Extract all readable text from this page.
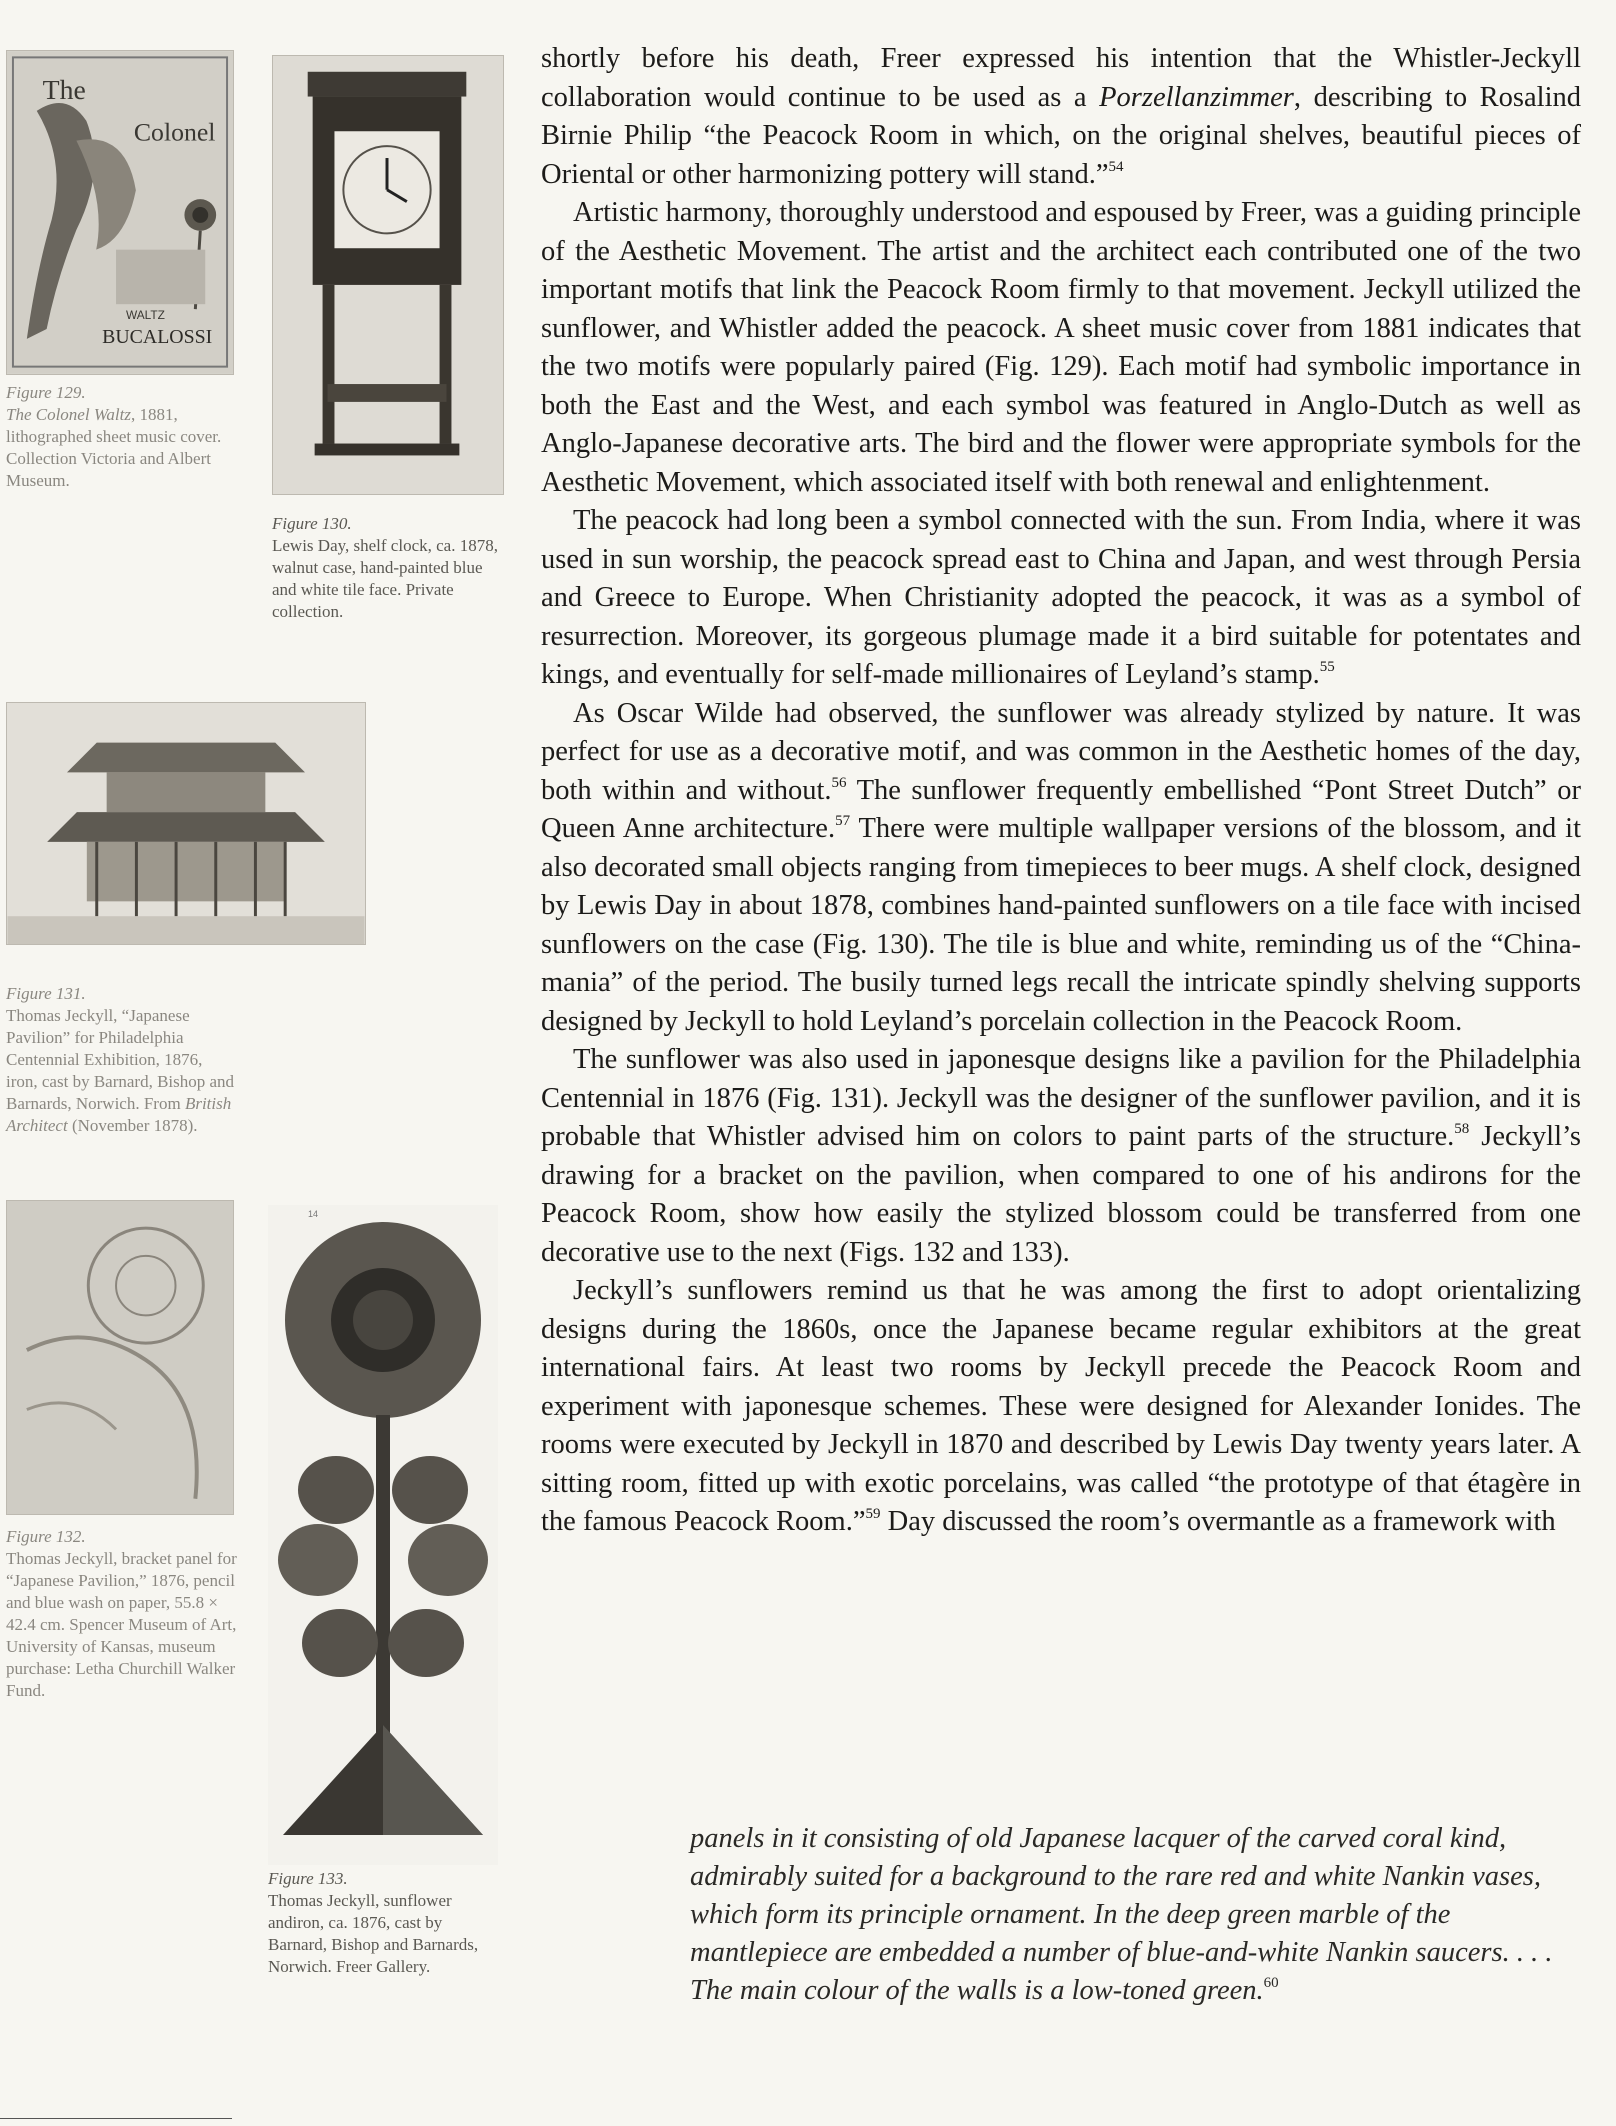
The
Colonel
WALTZ
BUCALOSSI
Figure 129.
The Colonel Waltz, 1881, lithographed sheet music cover. Collection Victoria and Albert Museum.
Figure 130.
Lewis Day, shelf clock, ca. 1878, walnut case, hand-painted blue and white tile face. Private collection.
Figure 131.
Thomas Jeckyll, “Japanese Pavilion” for Philadelphia Centennial Exhibition, 1876, iron, cast by Barnard, Bishop and Barnards, Norwich. From British Architect (November 1878).
Figure 132.
Thomas Jeckyll, bracket panel for “Japanese Pavilion,” 1876, pencil and blue wash on paper, 55.8 × 42.4 cm. Spencer Museum of Art, University of Kansas, museum purchase: Letha Churchill Walker Fund.
14
Figure 133.
Thomas Jeckyll, sunflower andiron, ca. 1876, cast by Barnard, Bishop and Barnards, Norwich. Freer Gallery.

shortly before his death, Freer expressed his intention that the Whistler-Jeckyll collaboration would continue to be used as a Porzellanzimmer, describing to Rosalind Birnie Philip “the Peacock Room in which, on the original shelves, beautiful pieces of Oriental or other harmonizing pottery will stand.”$^{54}$

Artistic harmony, thoroughly understood and espoused by Freer, was a guiding principle of the Aesthetic Movement. The artist and the architect each contributed one of the two important motifs that link the Peacock Room firmly to that movement. Jeckyll utilized the sunflower, and Whistler added the peacock. A sheet music cover from 1881 indicates that the two motifs were popularly paired (Fig. 129). Each motif had symbolic importance in both the East and the West, and each symbol was featured in Anglo-Dutch as well as Anglo-Japanese decorative arts. The bird and the flower were appropriate symbols for the Aesthetic Movement, which associated itself with both renewal and enlightenment.

The peacock had long been a symbol connected with the sun. From India, where it was used in sun worship, the peacock spread east to China and Japan, and west through Persia and Greece to Europe. When Christianity adopted the peacock, it was as a symbol of resurrection. Moreover, its gorgeous plumage made it a bird suitable for potentates and kings, and eventually for self-made millionaires of Leyland’s stamp.$^{55}$

As Oscar Wilde had observed, the sunflower was already stylized by nature. It was perfect for use as a decorative motif, and was common in the Aesthetic homes of the day, both within and without.$^{56}$ The sunflower frequently embellished “Pont Street Dutch” or Queen Anne architecture.$^{57}$ There were multiple wallpaper versions of the blossom, and it also decorated small objects ranging from timepieces to beer mugs. A shelf clock, designed by Lewis Day in about 1878, combines hand-painted sunflowers on a tile face with incised sunflowers on the case (Fig. 130). The tile is blue and white, reminding us of the “China-mania” of the period. The busily turned legs recall the intricate spindly shelving supports designed by Jeckyll to hold Leyland’s porcelain collection in the Peacock Room.

The sunflower was also used in japonesque designs like a pavilion for the Philadelphia Centennial in 1876 (Fig. 131). Jeckyll was the designer of the sunflower pavilion, and it is probable that Whistler advised him on colors to paint parts of the structure.$^{58}$ Jeckyll’s drawing for a bracket on the pavilion, when compared to one of his andirons for the Peacock Room, show how easily the stylized blossom could be transferred from one decorative use to the next (Figs. 132 and 133).

Jeckyll’s sunflowers remind us that he was among the first to adopt orientalizing designs during the 1860s, once the Japanese became regular exhibitors at the great international fairs. At least two rooms by Jeckyll precede the Peacock Room and experiment with japonesque schemes. These were designed for Alexander Ionides. The rooms were executed by Jeckyll in 1870 and described by Lewis Day twenty years later. A sitting room, fitted up with exotic porcelains, was called “the prototype of that étagère in the famous Peacock Room.”$^{59}$ Day discussed the room’s overmantle as a framework with

panels in it consisting of old Japanese lacquer of the carved coral kind, admirably suited for a background to the rare red and white Nankin vases, which form its principle ornament. In the deep green marble of the mantlepiece are embedded a number of blue-and-white Nankin saucers. . . . The main colour of the walls is a low-toned green.$^{60}$
